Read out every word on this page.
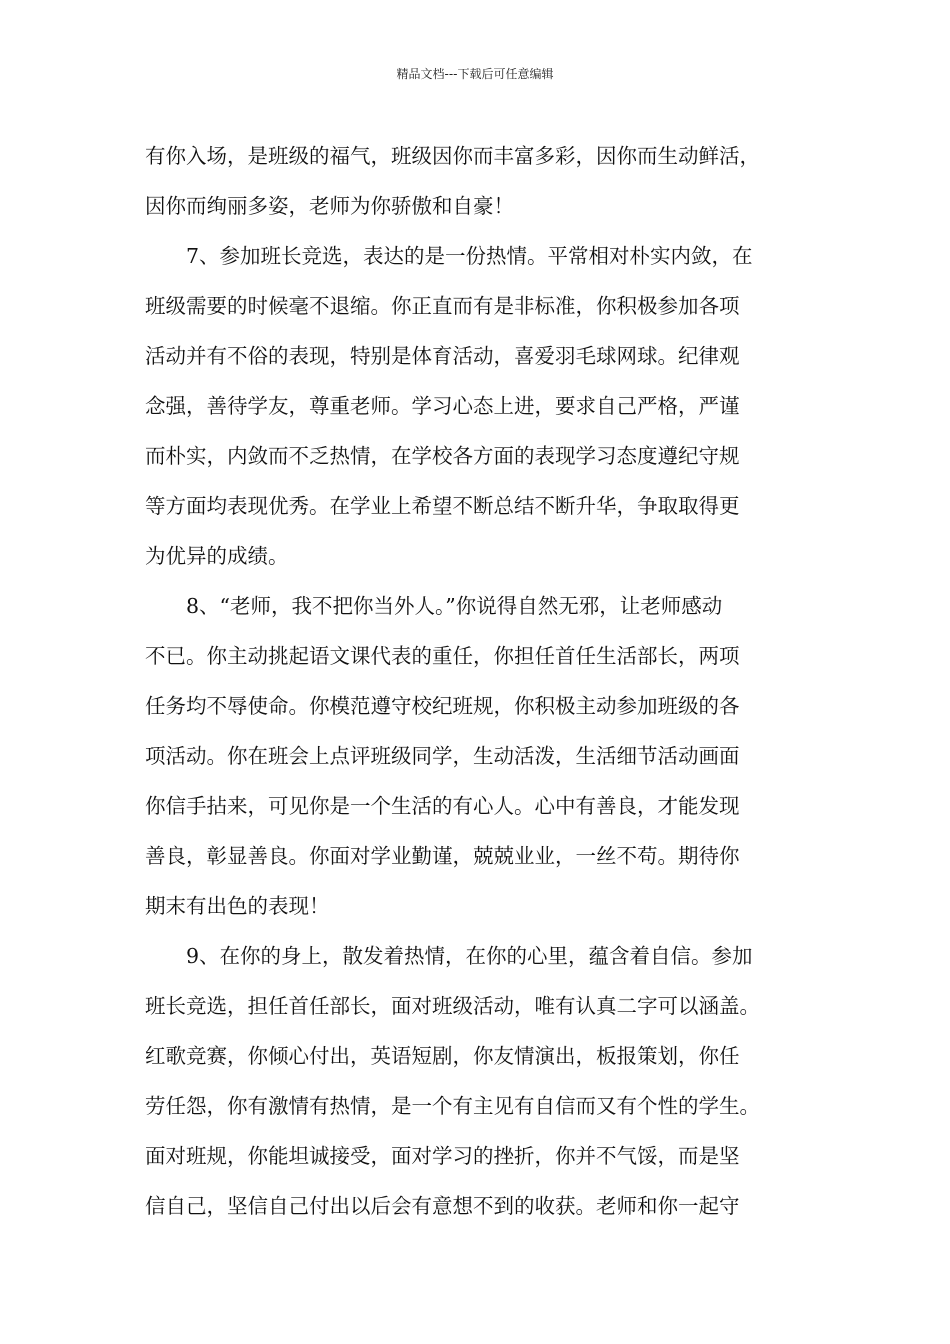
精品文档---下载后可任意编辑
有你入场，是班级的福气，班级因你而丰富多彩，因你而生动鲜活，
因你而绚丽多姿，老师为你骄傲和自豪！
7、参加班长竞选，表达的是一份热情。平常相对朴实内敛，在
班级需要的时候毫不退缩。你正直而有是非标准，你积极参加各项
活动并有不俗的表现，特别是体育活动，喜爱羽毛球网球。纪律观
念强，善待学友，尊重老师。学习心态上进，要求自己严格，严谨
而朴实，内敛而不乏热情，在学校各方面的表现学习态度遵纪守规
等方面均表现优秀。在学业上希望不断总结不断升华，争取取得更
为优异的成绩。
8、“老师，我不把你当外人。”你说得自然无邪，让老师感动
不已。你主动挑起语文课代表的重任，你担任首任生活部长，两项
任务均不辱使命。你模范遵守校纪班规，你积极主动参加班级的各
项活动。你在班会上点评班级同学，生动活泼，生活细节活动画面
你信手拈来，可见你是一个生活的有心人。心中有善良，才能发现
善良，彰显善良。你面对学业勤谨，兢兢业业，一丝不苟。期待你
期末有出色的表现！
9、在你的身上，散发着热情，在你的心里，蕴含着自信。参加
班长竞选，担任首任部长，面对班级活动，唯有认真二字可以涵盖。
红歌竞赛，你倾心付出，英语短剧，你友情演出，板报策划，你任
劳任怨，你有激情有热情，是一个有主见有自信而又有个性的学生。
面对班规，你能坦诚接受，面对学习的挫折，你并不气馁，而是坚
信自己，坚信自己付出以后会有意想不到的收获。老师和你一起守
